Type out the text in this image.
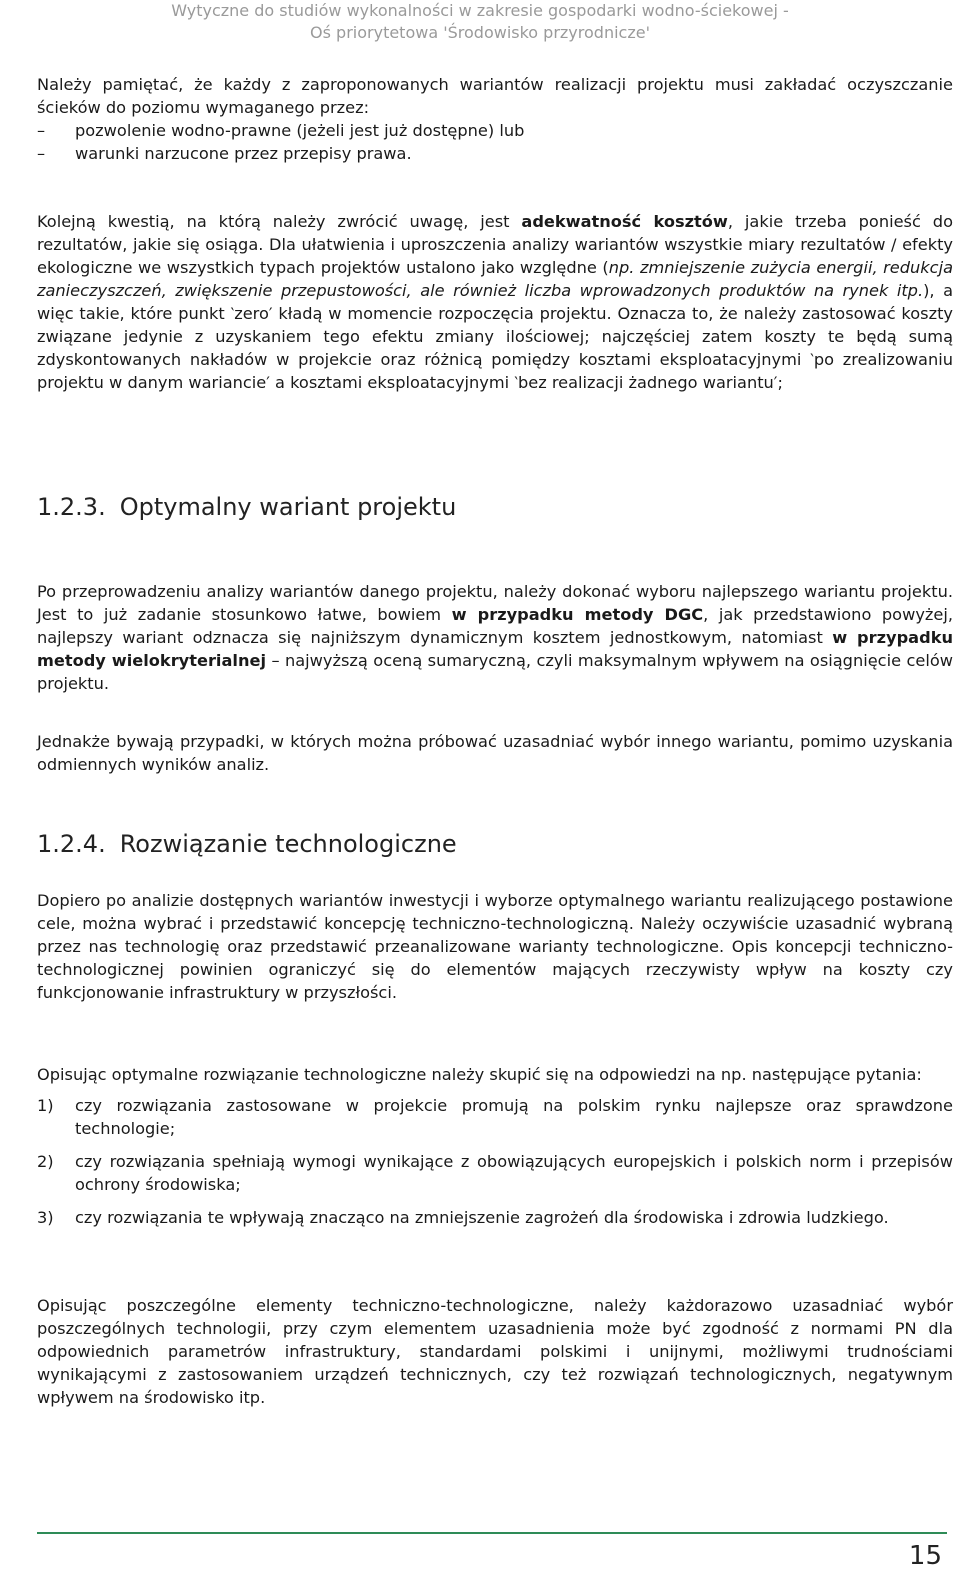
Wytyczne do studiów wykonalności w zakresie gospodarki wodno-ściekowej -
Oś priorytetowa 'Środowisko przyrodnicze'

Należy pamiętać, że każdy z zaproponowanych wariantów realizacji projektu musi zakładać oczyszczanie ścieków do poziomu wymaganego przez:

– pozwolenie wodno-prawne (jeżeli jest już dostępne) lub
– warunki narzucone przez przepisy prawa.

Kolejną kwestią, na którą należy zwrócić uwagę, jest adekwatność kosztów, jakie trzeba ponieść do rezultatów, jakie się osiąga. Dla ułatwienia i uproszczenia analizy wariantów wszystkie miary rezultatów / efekty ekologiczne we wszystkich typach projektów ustalono jako względne (np. zmniejszenie zużycia energii, redukcja zanieczyszczeń, zwiększenie przepustowości, ale również liczba wprowadzonych produktów na rynek itp.), a więc takie, które punkt ‵zero′ kładą w momencie rozpoczęcia projektu. Oznacza to, że należy zastosować koszty związane jedynie z uzyskaniem tego efektu zmiany ilościowej; najczęściej zatem koszty te będą sumą zdyskontowanych nakładów w projekcie oraz różnicą pomiędzy kosztami eksploatacyjnymi ‵po zrealizowaniu projektu w danym wariancie′ a kosztami eksploatacyjnymi ‵bez realizacji żadnego wariantu′;

1.2.3. Optymalny wariant projektu

Po przeprowadzeniu analizy wariantów danego projektu, należy dokonać wyboru najlepszego wariantu projektu. Jest to już zadanie stosunkowo łatwe, bowiem w przypadku metody DGC, jak przedstawiono powyżej, najlepszy wariant odznacza się najniższym dynamicznym kosztem jednostkowym, natomiast w przypadku metody wielokryterialnej – najwyższą oceną sumaryczną, czyli maksymalnym wpływem na osiągnięcie celów projektu.

Jednakże bywają przypadki, w których można próbować uzasadniać wybór innego wariantu, pomimo uzyskania odmiennych wyników analiz.

1.2.4. Rozwiązanie technologiczne

Dopiero po analizie dostępnych wariantów inwestycji i wyborze optymalnego wariantu realizującego postawione cele, można wybrać i przedstawić koncepcję techniczno-technologiczną. Należy oczywiście uzasadnić wybraną przez nas technologię oraz przedstawić przeanalizowane warianty technologiczne. Opis koncepcji techniczno-technologicznej powinien ograniczyć się do elementów mających rzeczywisty wpływ na koszty czy funkcjonowanie infrastruktury w przyszłości.

Opisując optymalne rozwiązanie technologiczne należy skupić się na odpowiedzi na np. następujące pytania:

1) czy rozwiązania zastosowane w projekcie promują na polskim rynku najlepsze oraz sprawdzone technologie;
2) czy rozwiązania spełniają wymogi wynikające z obowiązujących europejskich i polskich norm i przepisów ochrony środowiska;
3) czy rozwiązania te wpływają znacząco na zmniejszenie zagrożeń dla środowiska i zdrowia ludzkiego.

Opisując poszczególne elementy techniczno-technologiczne, należy każdorazowo uzasadniać wybór poszczególnych technologii, przy czym elementem uzasadnienia może być zgodność z normami PN dla odpowiednich parametrów infrastruktury, standardami polskimi i unijnymi, możliwymi trudnościami wynikającymi z zastosowaniem urządzeń technicznych, czy też rozwiązań technologicznych, negatywnym wpływem na środowisko itp.

15
